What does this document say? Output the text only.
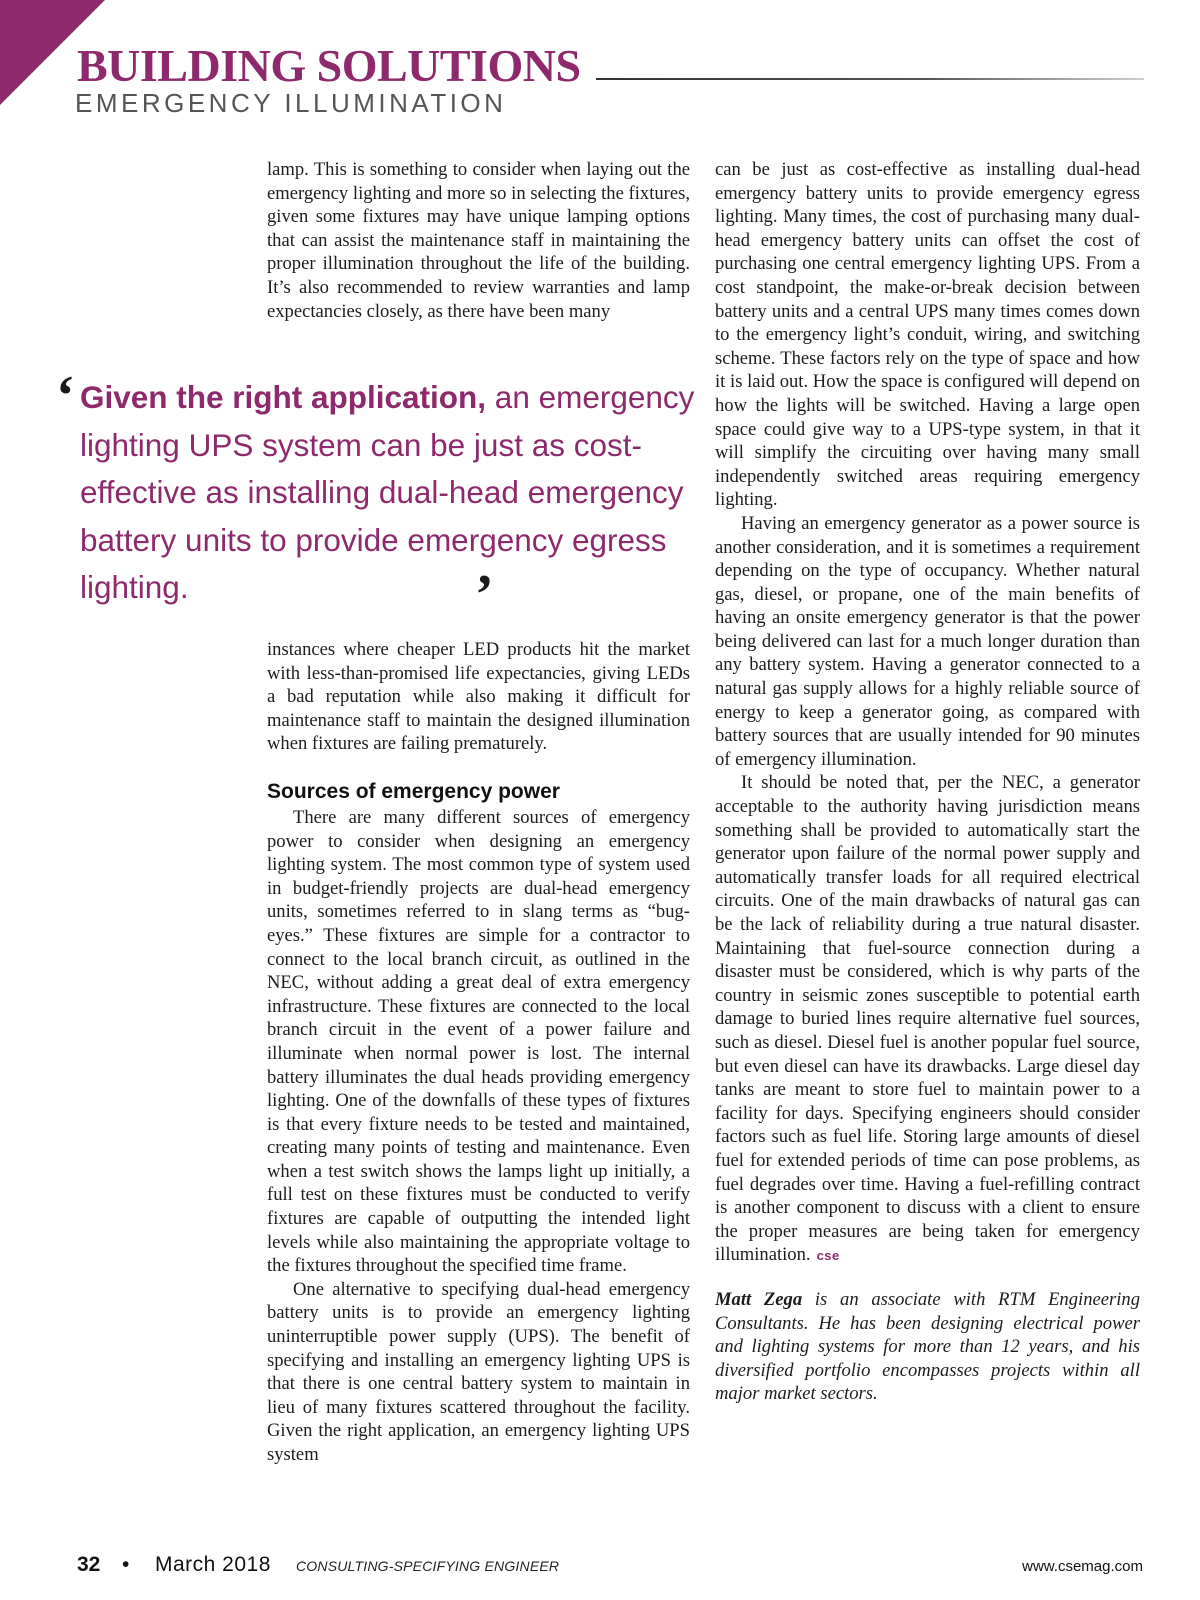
BUILDING SOLUTIONS
EMERGENCY ILLUMINATION

lamp. This is something to consider when laying out the emergency lighting and more so in selecting the fixtures, given some fixtures may have unique lamping options that can assist the maintenance staff in maintaining the proper illumination throughout the life of the building. It’s also recommended to review warranties and lamp expectancies closely, as there have been many

‘ Given the right application, an emergency lighting UPS system can be just as cost-effective as installing dual-head emergency battery units to provide emergency egress lighting.	’

instances where cheaper LED products hit the market with less-than-promised life expectancies, giving LEDs a bad reputation while also making it difficult for maintenance staff to maintain the designed illumination when fixtures are failing prematurely.

Sources of emergency power

There are many different sources of emergency power to consider when designing an emergency lighting system. The most common type of system used in budget-friendly projects are dual-head emergency units, sometimes referred to in slang terms as “bug-eyes.” These fixtures are simple for a contractor to connect to the local branch circuit, as outlined in the NEC, without adding a great deal of extra emergency infrastructure. These fixtures are connected to the local branch circuit in the event of a power failure and illuminate when normal power is lost. The internal battery illuminates the dual heads providing emergency lighting. One of the downfalls of these types of fixtures is that every fixture needs to be tested and maintained, creating many points of testing and maintenance. Even when a test switch shows the lamps light up initially, a full test on these fixtures must be conducted to verify fixtures are capable of outputting the intended light levels while also maintaining the appropriate voltage to the fixtures throughout the specified time frame.

One alternative to specifying dual-head emergency battery units is to provide an emergency lighting uninterruptible power supply (UPS). The benefit of specifying and installing an emergency lighting UPS is that there is one central battery system to maintain in lieu of many fixtures scattered throughout the facility. Given the right application, an emergency lighting UPS system

can be just as cost-effective as installing dual-head emergency battery units to provide emergency egress lighting. Many times, the cost of purchasing many dual-head emergency battery units can offset the cost of purchasing one central emergency lighting UPS. From a cost standpoint, the make-or-break decision between battery units and a central UPS many times comes down to the emergency light’s conduit, wiring, and switching scheme. These factors rely on the type of space and how it is laid out. How the space is configured will depend on how the lights will be switched. Having a large open space could give way to a UPS-type system, in that it will simplify the circuiting over having many small independently switched areas requiring emergency lighting.

Having an emergency generator as a power source is another consideration, and it is sometimes a requirement depending on the type of occupancy. Whether natural gas, diesel, or propane, one of the main benefits of having an onsite emergency generator is that the power being delivered can last for a much longer duration than any battery system. Having a generator connected to a natural gas supply allows for a highly reliable source of energy to keep a generator going, as compared with battery sources that are usually intended for 90 minutes of emergency illumination.

It should be noted that, per the NEC, a generator acceptable to the authority having jurisdiction means something shall be provided to automatically start the generator upon failure of the normal power supply and automatically transfer loads for all required electrical circuits. One of the main drawbacks of natural gas can be the lack of reliability during a true natural disaster. Maintaining that fuel-source connection during a disaster must be considered, which is why parts of the country in seismic zones susceptible to potential earth damage to buried lines require alternative fuel sources, such as diesel. Diesel fuel is another popular fuel source, but even diesel can have its drawbacks. Large diesel day tanks are meant to store fuel to maintain power to a facility for days. Specifying engineers should consider factors such as fuel life. Storing large amounts of diesel fuel for extended periods of time can pose problems, as fuel degrades over time. Having a fuel-refilling contract is another component to discuss with a client to ensure the proper measures are being taken for emergency illumination. cse

Matt Zega is an associate with RTM Engineering Consultants. He has been designing electrical power and lighting systems for more than 12 years, and his diversified portfolio encompasses projects within all major market sectors.

32 • March 2018 CONSULTING-SPECIFYING ENGINEER	www.csemag.com
